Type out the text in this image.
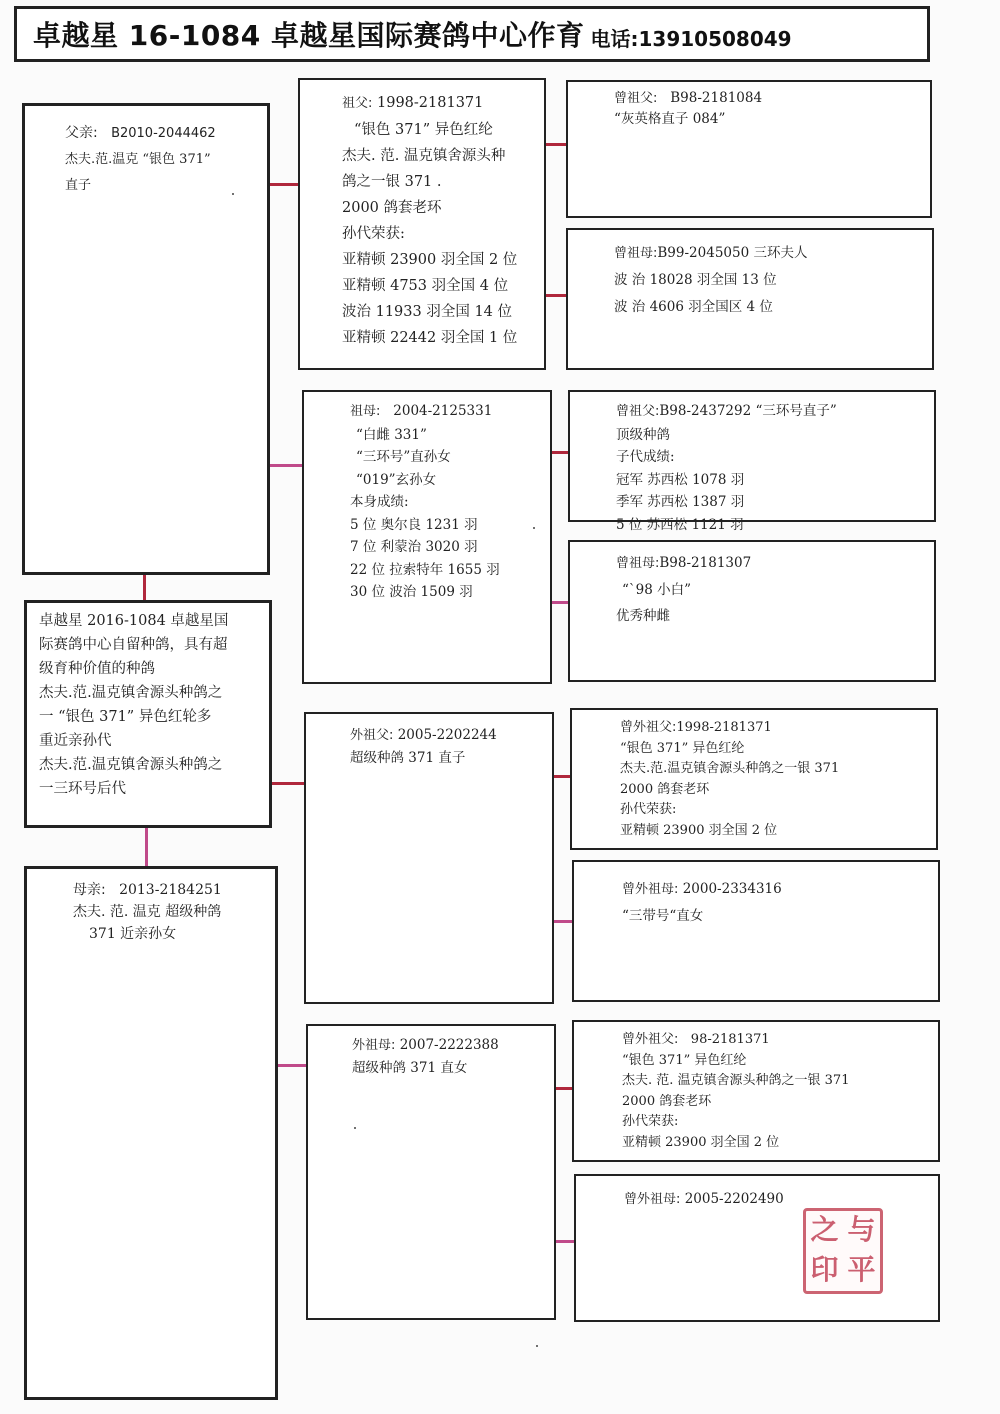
卓越星 16-1084 卓越星国际赛鸽中心作育 电话:13910508049
父亲: B2010-2044462
杰夫.范.温克 “银色 371”
直子
卓越星 2016-1084 卓越星国
际赛鸽中心自留种鸽，具有超
级育种价值的种鸽
杰夫.范.温克镇舍源头种鸽之
一 “银色 371” 异色红轮多
重近亲孙代
杰夫.范.温克镇舍源头种鸽之
一三环号后代
母亲: 2013-2184251
杰夫. 范. 温克 超级种鸽
371 近亲孙女
祖父: 1998-2181371
“银色 371” 异色红纶
杰夫. 范. 温克镇舍源头种
鸽之一银 371 .
2000 鸽套老环
孙代荣获:
亚精顿 23900 羽全国 2 位
亚精顿 4753 羽全国 4 位
波治 11933 羽全国 14 位
亚精顿 22442 羽全国 1 位
祖母: 2004-2125331
“白雌 331”
“三环号”直孙女
“019”玄孙女
本身成绩:
5 位 奥尔良 1231 羽
7 位 利蒙治 3020 羽
22 位 拉索特年 1655 羽
30 位 波治 1509 羽
外祖父: 2005-2202244
超级种鸽 371 直子
外祖母: 2007-2222388
超级种鸽 371 直女
曾祖父: B98-2181084
“灰英格直子 084”
曾祖母:B99-2045050 三环夫人
波 治 18028 羽全国 13 位
波 治 4606 羽全国区 4 位
曾祖父:B98-2437292 “三环号直子”
顶级种鸽
子代成绩:
冠军 苏西松 1078 羽
季军 苏西松 1387 羽
5 位 苏西松 1121 羽
曾祖母:B98-2181307
“`98 小白”
优秀种雌
曾外祖父:1998-2181371
“银色 371” 异色红纶
杰夫.范.温克镇舍源头种鸽之一银 371
2000 鸽套老环
孙代荣获:
亚精顿 23900 羽全国 2 位
曾外祖母: 2000-2334316
“三带号“直女
曾外祖父: 98-2181371
“银色 371” 异色红纶
杰夫. 范. 温克镇舍源头种鸽之一银 371
2000 鸽套老环
孙代荣获:
亚精顿 23900 羽全国 2 位
曾外祖母: 2005-2202490
之 与
印 平
